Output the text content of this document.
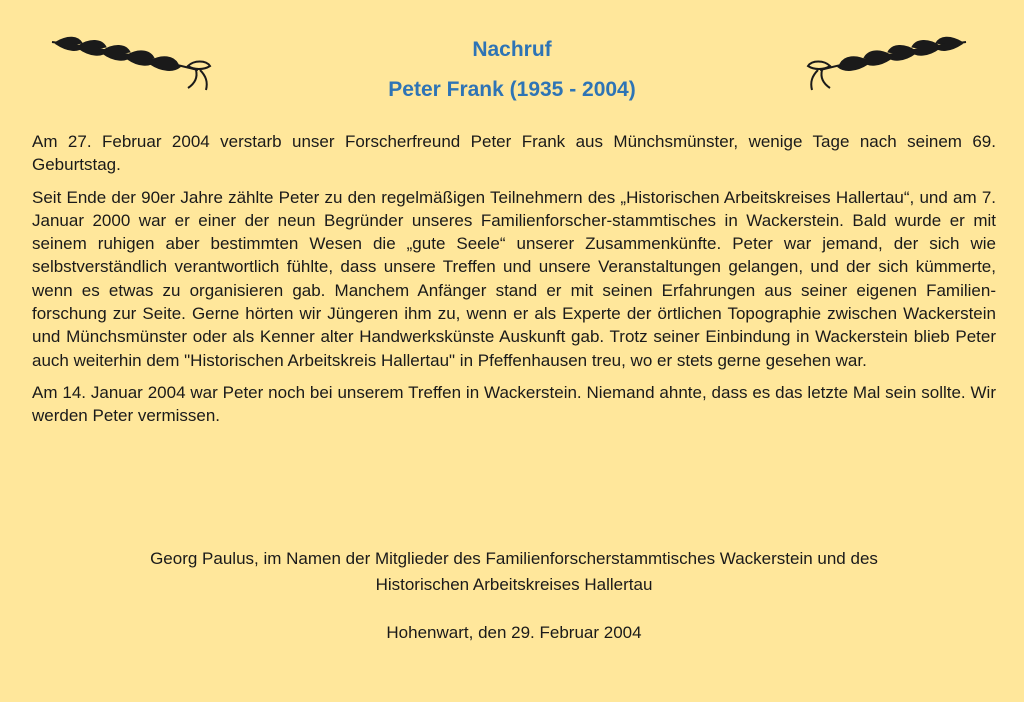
Nachruf

Peter Frank (1935 - 2004)

Am 27. Februar 2004 verstarb unser Forscherfreund Peter Frank aus Münchsmünster, wenige Tage nach seinem 69. Geburtstag.

Seit Ende der 90er Jahre zählte Peter zu den regelmäßigen Teilnehmern des „Historischen Arbeitskreises Hallertau“, und am 7. Januar 2000 war er einer der neun Begründer unseres Familienforscher-stammtisches in Wackerstein. Bald wurde er mit seinem ruhigen aber bestimmten Wesen die „gute Seele“ unserer Zusammenkünfte. Peter war jemand, der sich wie selbstverständlich verantwortlich fühlte, dass unsere Treffen und unsere Veranstaltungen gelangen, und der sich kümmerte, wenn es etwas zu organisieren gab. Manchem Anfänger stand er mit seinen Erfahrungen aus seiner eigenen Familien-forschung zur Seite. Gerne hörten wir Jüngeren ihm zu, wenn er als Experte der örtlichen Topographie zwischen Wackerstein und Münchsmünster oder als Kenner alter Handwerkskünste Auskunft gab. Trotz seiner Einbindung in Wackerstein blieb Peter auch weiterhin dem "Historischen Arbeitskreis Hallertau" in Pfeffenhausen treu, wo er stets gerne gesehen war.

Am 14. Januar 2004 war Peter noch bei unserem Treffen in Wackerstein. Niemand ahnte, dass es das letzte Mal sein sollte. Wir werden Peter vermissen.

Georg Paulus, im Namen der Mitglieder des Familienforscherstammtisches Wackerstein und des
Historischen Arbeitskreises Hallertau
Hohenwart, den 29. Februar 2004
